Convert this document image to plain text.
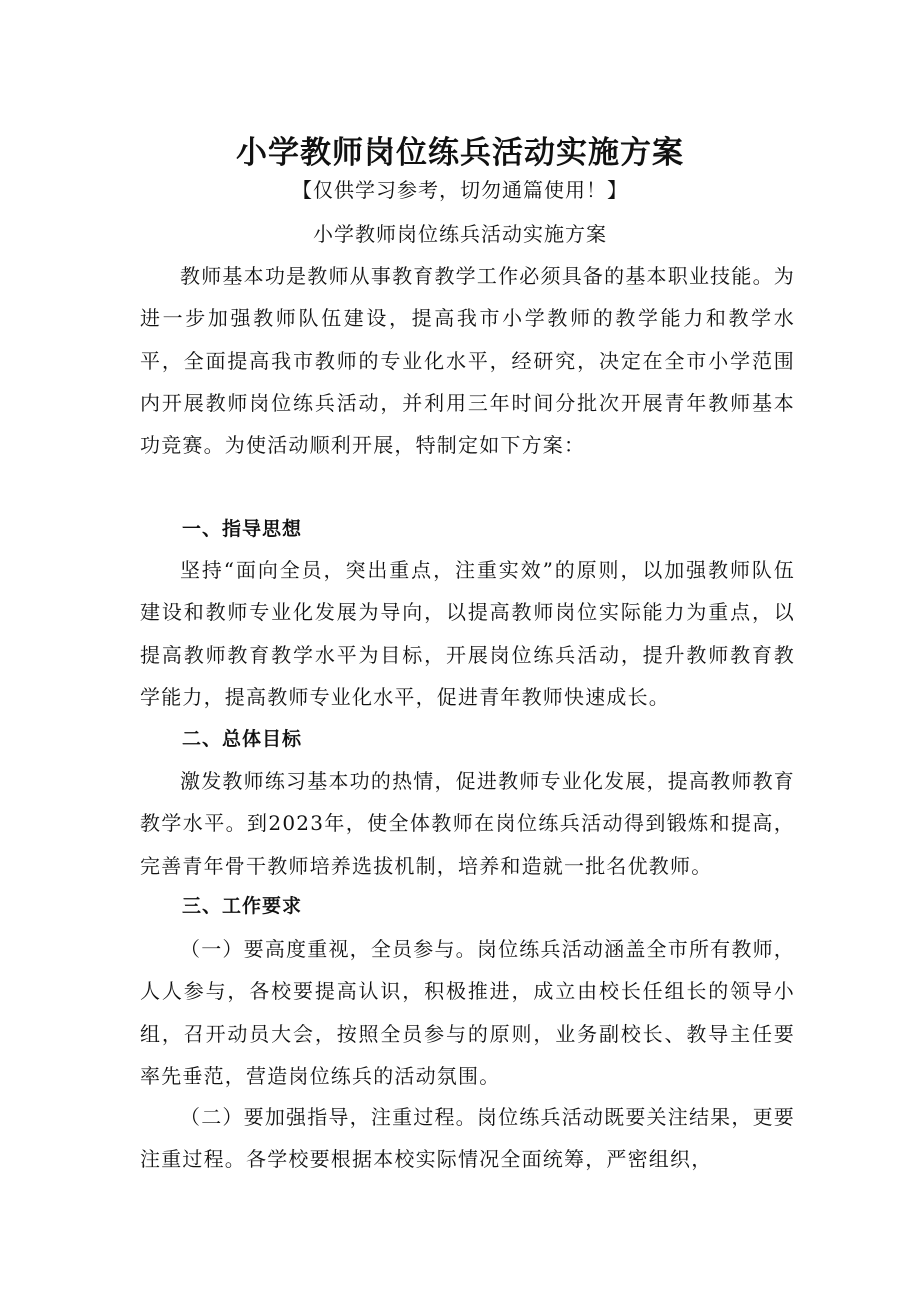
小学教师岗位练兵活动实施方案
【仅供学习参考，切勿通篇使用！】
小学教师岗位练兵活动实施方案

教师基本功是教师从事教育教学工作必须具备的基本职业技能。为进一步加强教师队伍建设，提高我市小学教师的教学能力和教学水平，全面提高我市教师的专业化水平，经研究，决定在全市小学范围内开展教师岗位练兵活动，并利用三年时间分批次开展青年教师基本功竞赛。为使活动顺利开展，特制定如下方案：

一、指导思想

坚持“面向全员，突出重点，注重实效”的原则，以加强教师队伍建设和教师专业化发展为导向，以提高教师岗位实际能力为重点，以提高教师教育教学水平为目标，开展岗位练兵活动，提升教师教育教学能力，提高教师专业化水平，促进青年教师快速成长。

二、总体目标

激发教师练习基本功的热情，促进教师专业化发展，提高教师教育教学水平。到2023年，使全体教师在岗位练兵活动得到锻炼和提高，完善青年骨干教师培养选拔机制，培养和造就一批名优教师。

三、工作要求

（一）要高度重视，全员参与。岗位练兵活动涵盖全市所有教师，人人参与，各校要提高认识，积极推进，成立由校长任组长的领导小组，召开动员大会，按照全员参与的原则，业务副校长、教导主任要率先垂范，营造岗位练兵的活动氛围。

（二）要加强指导，注重过程。岗位练兵活动既要关注结果，更要注重过程。各学校要根据本校实际情况全面统筹，严密组织，
